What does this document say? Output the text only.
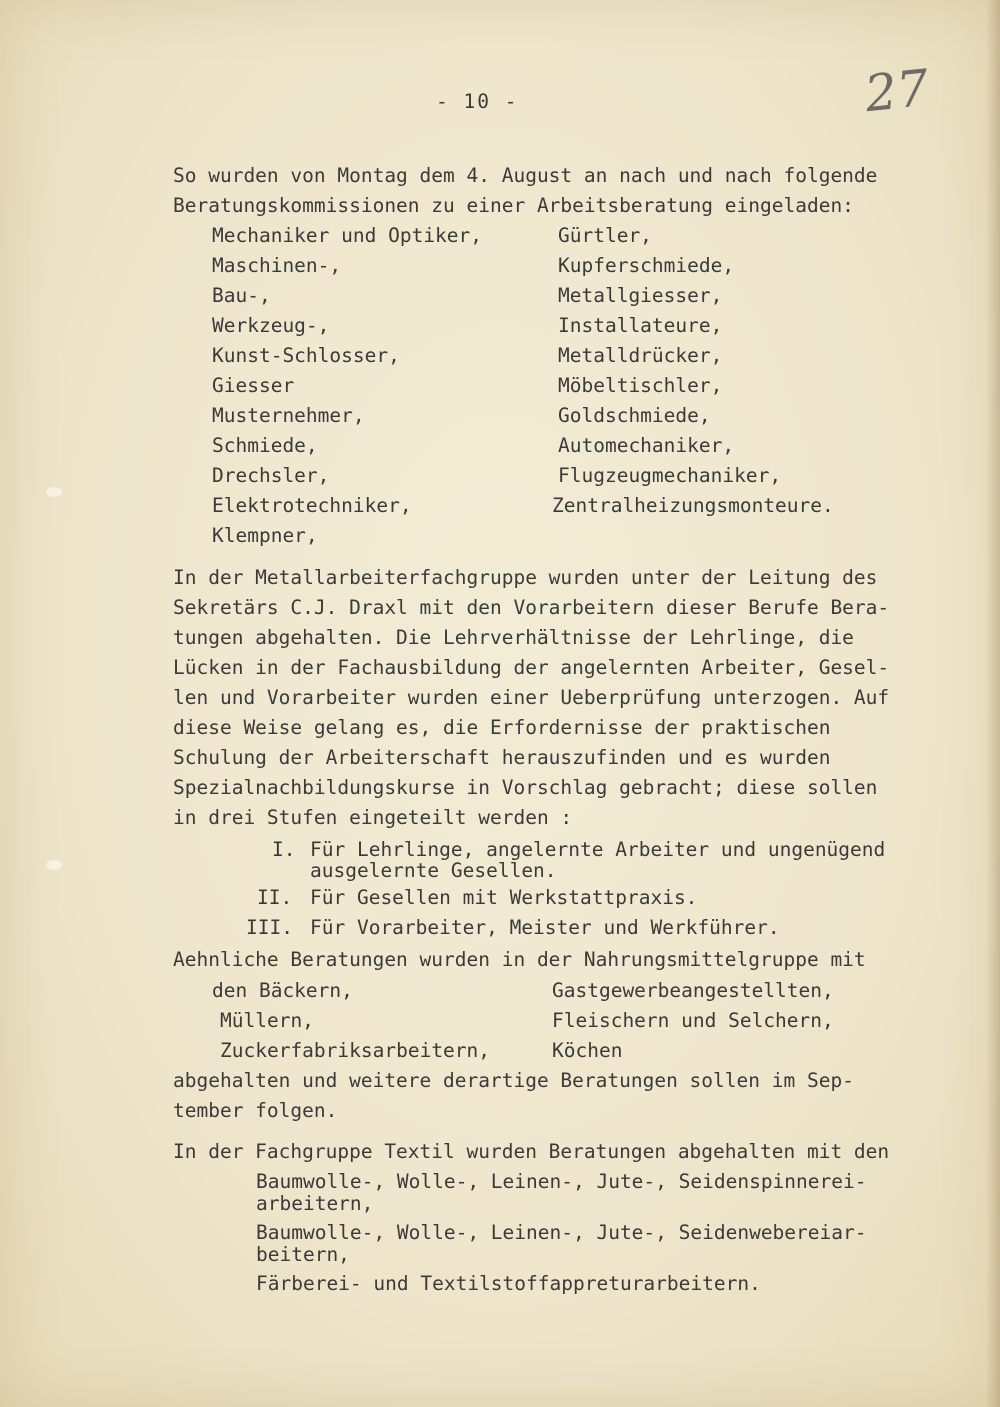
- 10 -	27
So wurden von Montag dem 4. August an nach und nach folgende
Beratungskommissionen zu einer Arbeitsberatung eingeladen:
Mechaniker und Optiker,
Maschinen-,
Bau-,
Werkzeug-,
Kunst-Schlosser,
Giesser
Musternehmer,
Schmiede,
Drechsler,
Elektrotechniker,
Klempner,
Gürtler,
Kupferschmiede,
Metallgiesser,
Installateure,
Metalldrücker,
Möbeltischler,
Goldschmiede,
Automechaniker,
Flugzeugmechaniker,
Zentralheizungsmonteure.
In der Metallarbeiterfachgruppe wurden unter der Leitung des
Sekretärs C.J. Draxl mit den Vorarbeitern dieser Berufe Bera-
tungen abgehalten. Die Lehrverhältnisse der Lehrlinge, die
Lücken in der Fachausbildung der angelernten Arbeiter, Gesel-
len und Vorarbeiter wurden einer Ueberprüfung unterzogen. Auf
diese Weise gelang es, die Erfordernisse der praktischen
Schulung der Arbeiterschaft herauszufinden und es wurden
Spezialnachbildungskurse in Vorschlag gebracht; diese sollen
in drei Stufen eingeteilt werden :
I. Für Lehrlinge, angelernte Arbeiter und ungenügend
ausgelernte Gesellen.
II. Für Gesellen mit Werkstattpraxis.
III. Für Vorarbeiter, Meister und Werkführer.
Aehnliche Beratungen wurden in der Nahrungsmittelgruppe mit
den Bäckern,
Müllern,
Zuckerfabriksarbeitern,
Gastgewerbeangestellten,
Fleischern und Selchern,
Köchen
abgehalten und weitere derartige Beratungen sollen im Sep-
tember folgen.
In der Fachgruppe Textil wurden Beratungen abgehalten mit den
Baumwolle-, Wolle-, Leinen-, Jute-, Seidenspinnerei-
arbeitern,
Baumwolle-, Wolle-, Leinen-, Jute-, Seidenwebereiar-
beitern,
Färberei- und Textilstoffappreturarbeitern.
